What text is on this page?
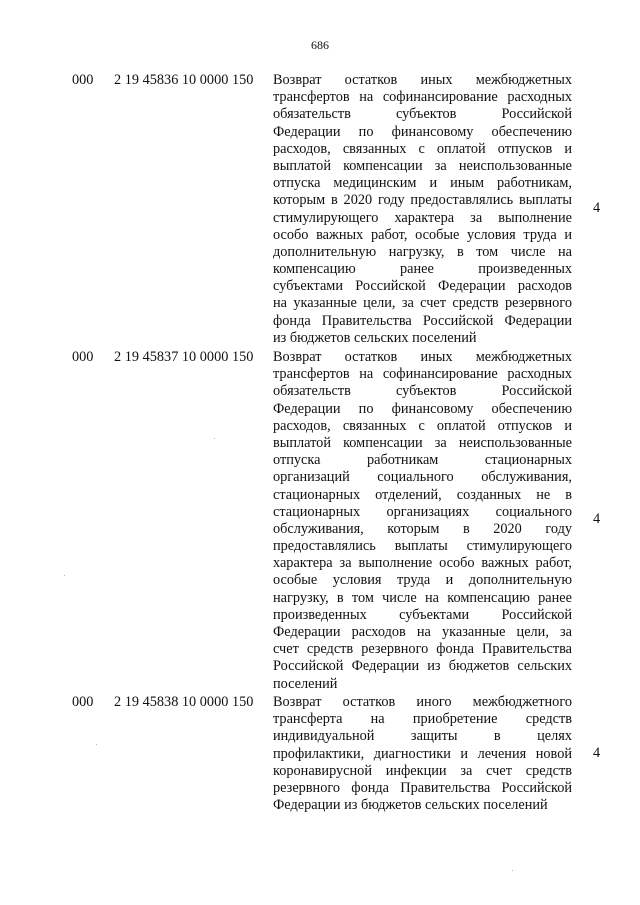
686
000 2 19 45836 10 0000 150 Возврат остатков иных межбюджетных
трансфертов на софинансирование расходных
обязательств субъектов Российской
Федерации по финансовому обеспечению
расходов, связанных с оплатой отпусков и
выплатой компенсации за неиспользованные
отпуска медицинским и иным работникам,
которым в 2020 году предоставлялись выплаты
стимулирующего характера за выполнение
особо важных работ, особые условия труда и
дополнительную нагрузку, в том числе на
компенсацию ранее произведенных
субъектами Российской Федерации расходов
на указанные цели, за счет средств резервного
фонда Правительства Российской Федерации
из бюджетов сельских поселений
4
000 2 19 45837 10 0000 150 Возврат остатков иных межбюджетных
трансфертов на софинансирование расходных
обязательств субъектов Российской
Федерации по финансовому обеспечению
расходов, связанных с оплатой отпусков и
выплатой компенсации за неиспользованные
отпуска работникам стационарных
организаций социального обслуживания,
стационарных отделений, созданных не в
стационарных организациях социального
обслуживания, которым в 2020 году
предоставлялись выплаты стимулирующего
характера за выполнение особо важных работ,
особые условия труда и дополнительную
нагрузку, в том числе на компенсацию ранее
произведенных субъектами Российской
Федерации расходов на указанные цели, за
счет средств резервного фонда Правительства
Российской Федерации из бюджетов сельских
поселений
4
000 2 19 45838 10 0000 150 Возврат остатков иного межбюджетного
трансферта на приобретение средств
индивидуальной защиты в целях
профилактики, диагностики и лечения новой
коронавирусной инфекции за счет средств
резервного фонда Правительства Российской
Федерации из бюджетов сельских поселений
4
